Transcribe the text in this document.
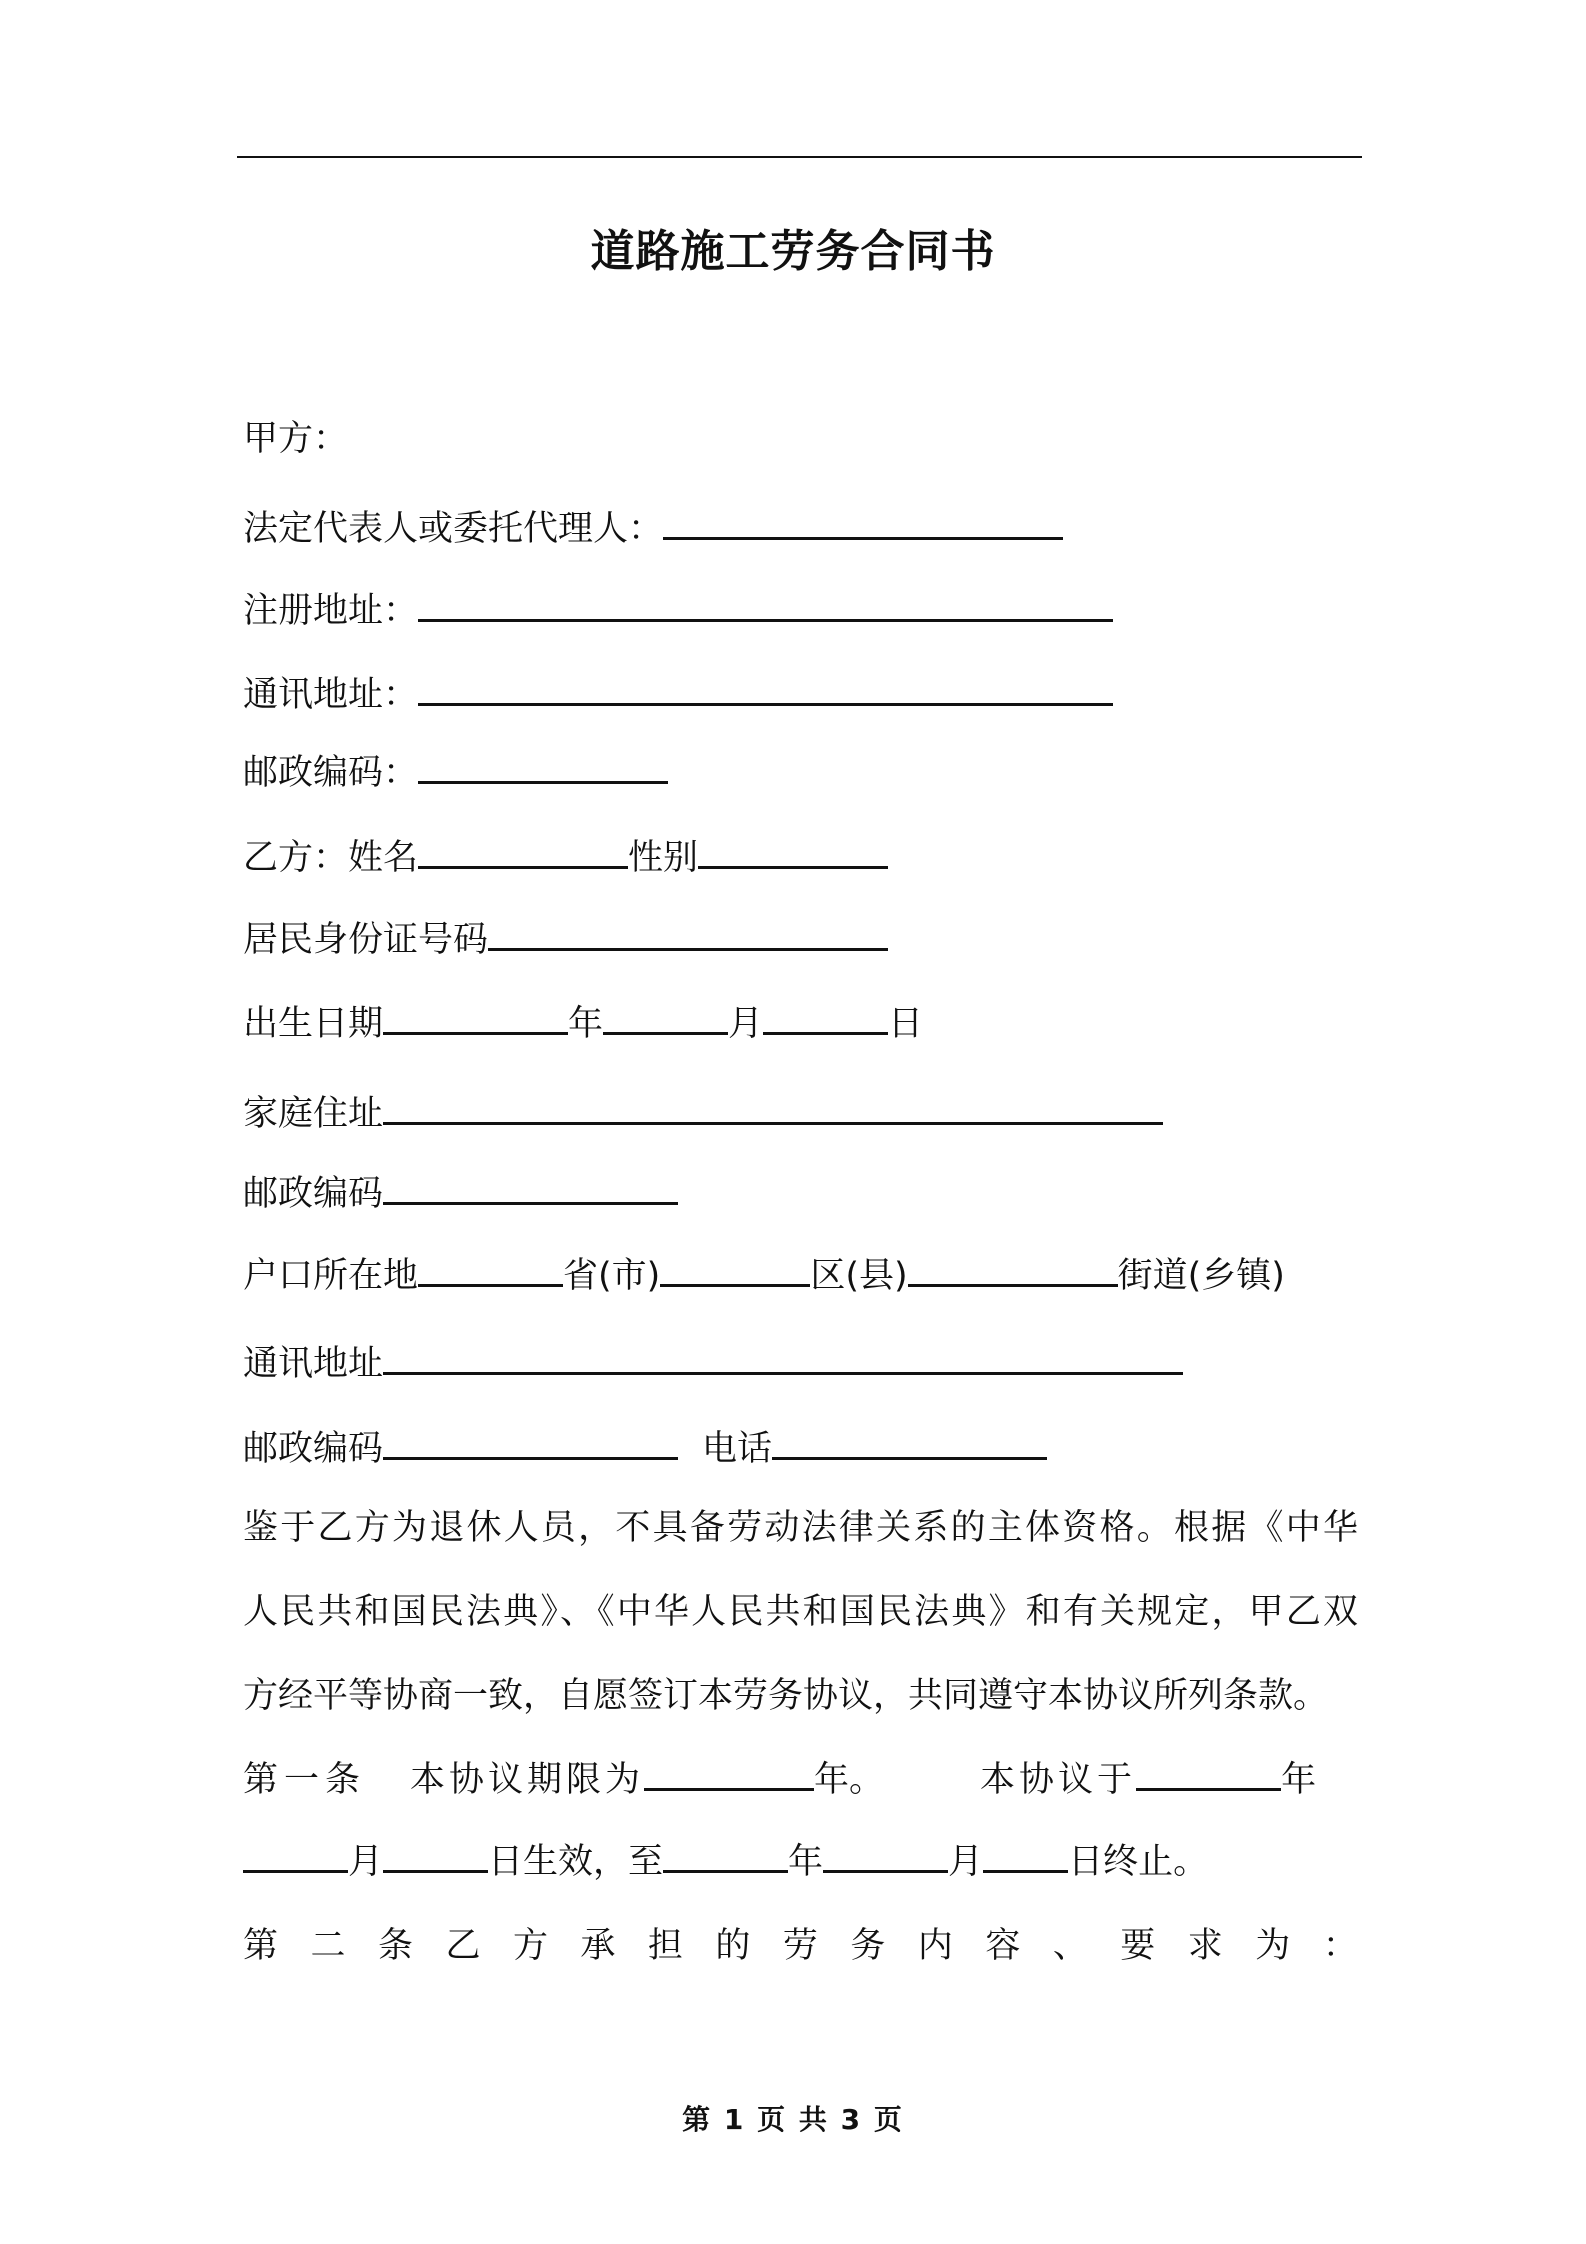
道路施工劳务合同书
甲方：
法定代表人或委托代理人：
注册地址：
通讯地址：
邮政编码：
乙方：姓名	性别
居民身份证号码
出生日期	年	月	日
家庭住址
邮政编码
户口所在地	省(市)	区(县)	街道(乡镇)
通讯地址
邮政编码	电话
鉴于乙方为退休人员，不具备劳动法律关系的主体资格。根据《中华
人民共和国民法典》、《中华人民共和国民法典》和有关规定，甲乙双
方经平等协商一致，自愿签订本劳务协议，共同遵守本协议所列条款。
第一条 本协议期限为	年。	本协议于	年
月	日生效，至	年	月 日终止。
第 二 条 乙 方 承 担 的 劳 务 内 容 、 要 求 为 ：
第 1 页 共 3 页
